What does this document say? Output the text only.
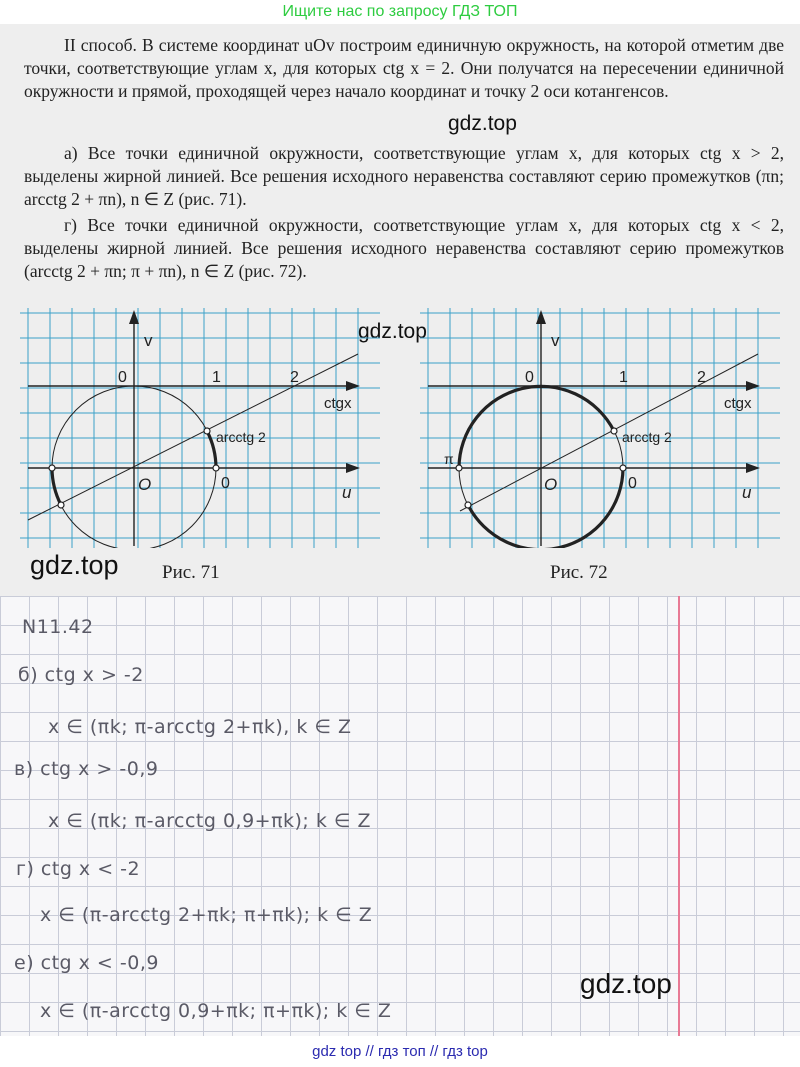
Ищите нас по запросу ГДЗ ТОП

II способ. В системе координат uOv построим единичную окружность, на которой отметим две точки, соответствующие углам x, для которых ctg x = 2. Они получатся на пересечении единичной окружности и прямой, проходящей через начало координат и точку 2 оси котангенсов.

а) Все точки единичной окружности, соответствующие углам x, для которых ctg x > 2, выделены жирной линией. Все решения исходного неравенства составляют серию промежутков (πn; arcctg 2 + πn), n ∈ Z (рис. 71).

г) Все точки единичной окружности, соответствующие углам x, для которых ctg x < 2, выделены жирной линией. Все решения исходного неравенства составляют серию промежутков (arcctg 2 + πn; π + πn), n ∈ Z (рис. 72).

gdz.top
gdz.top
gdz.top
v
u
ctgx
O
0	1	2
0
arcctg 2
v
u
ctgx
O
0	1	2
0
arcctg 2
π
Рис. 71	Рис. 72
N11.42
б) ctg x > -2
x ∈ (πk; π-arcctg 2+πk), k ∈ Z
в) ctg x > -0,9
x ∈ (πk; π-arcctg 0,9+πk); k ∈ Z
г) ctg x < -2
x ∈ (π-arcctg 2+πk; π+πk); k ∈ Z
е) ctg x < -0,9
x ∈ (π-arcctg 0,9+πk; π+πk); k ∈ Z
gdz.top
gdz top // гдз топ // гдз top
